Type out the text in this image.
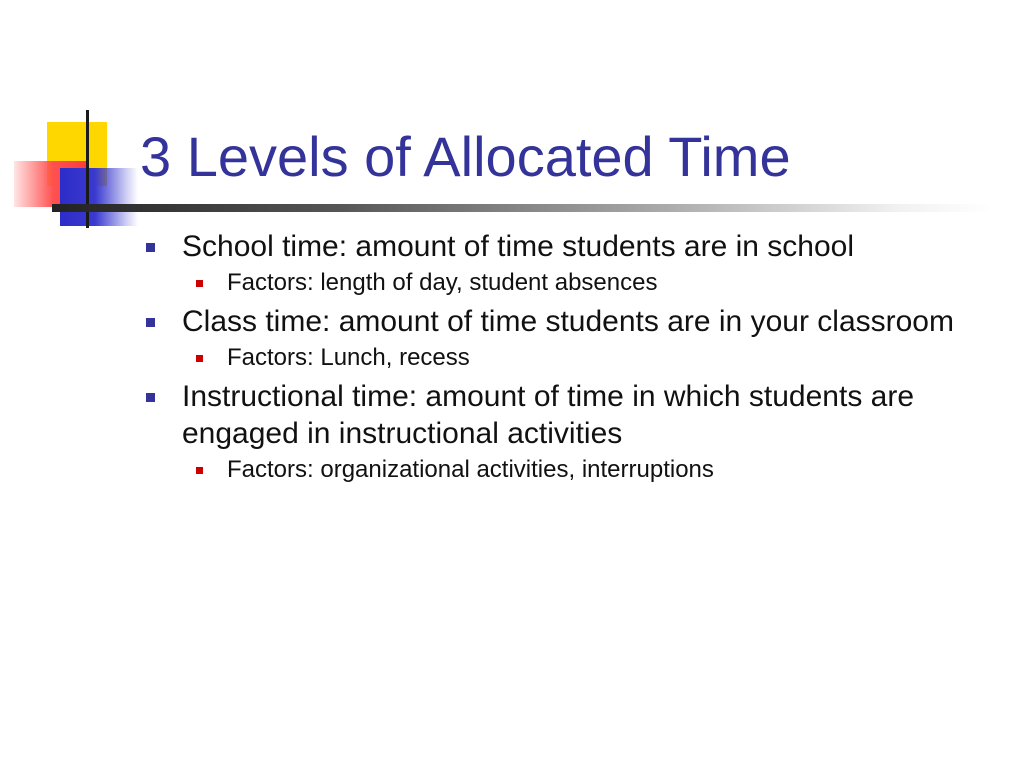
3 Levels of Allocated Time
School time: amount of time students are in school
Factors: length of day, student absences
Class time: amount of time students are in your classroom
Factors: Lunch, recess
Instructional time: amount of time in which students are engaged in instructional activities
Factors: organizational activities, interruptions
